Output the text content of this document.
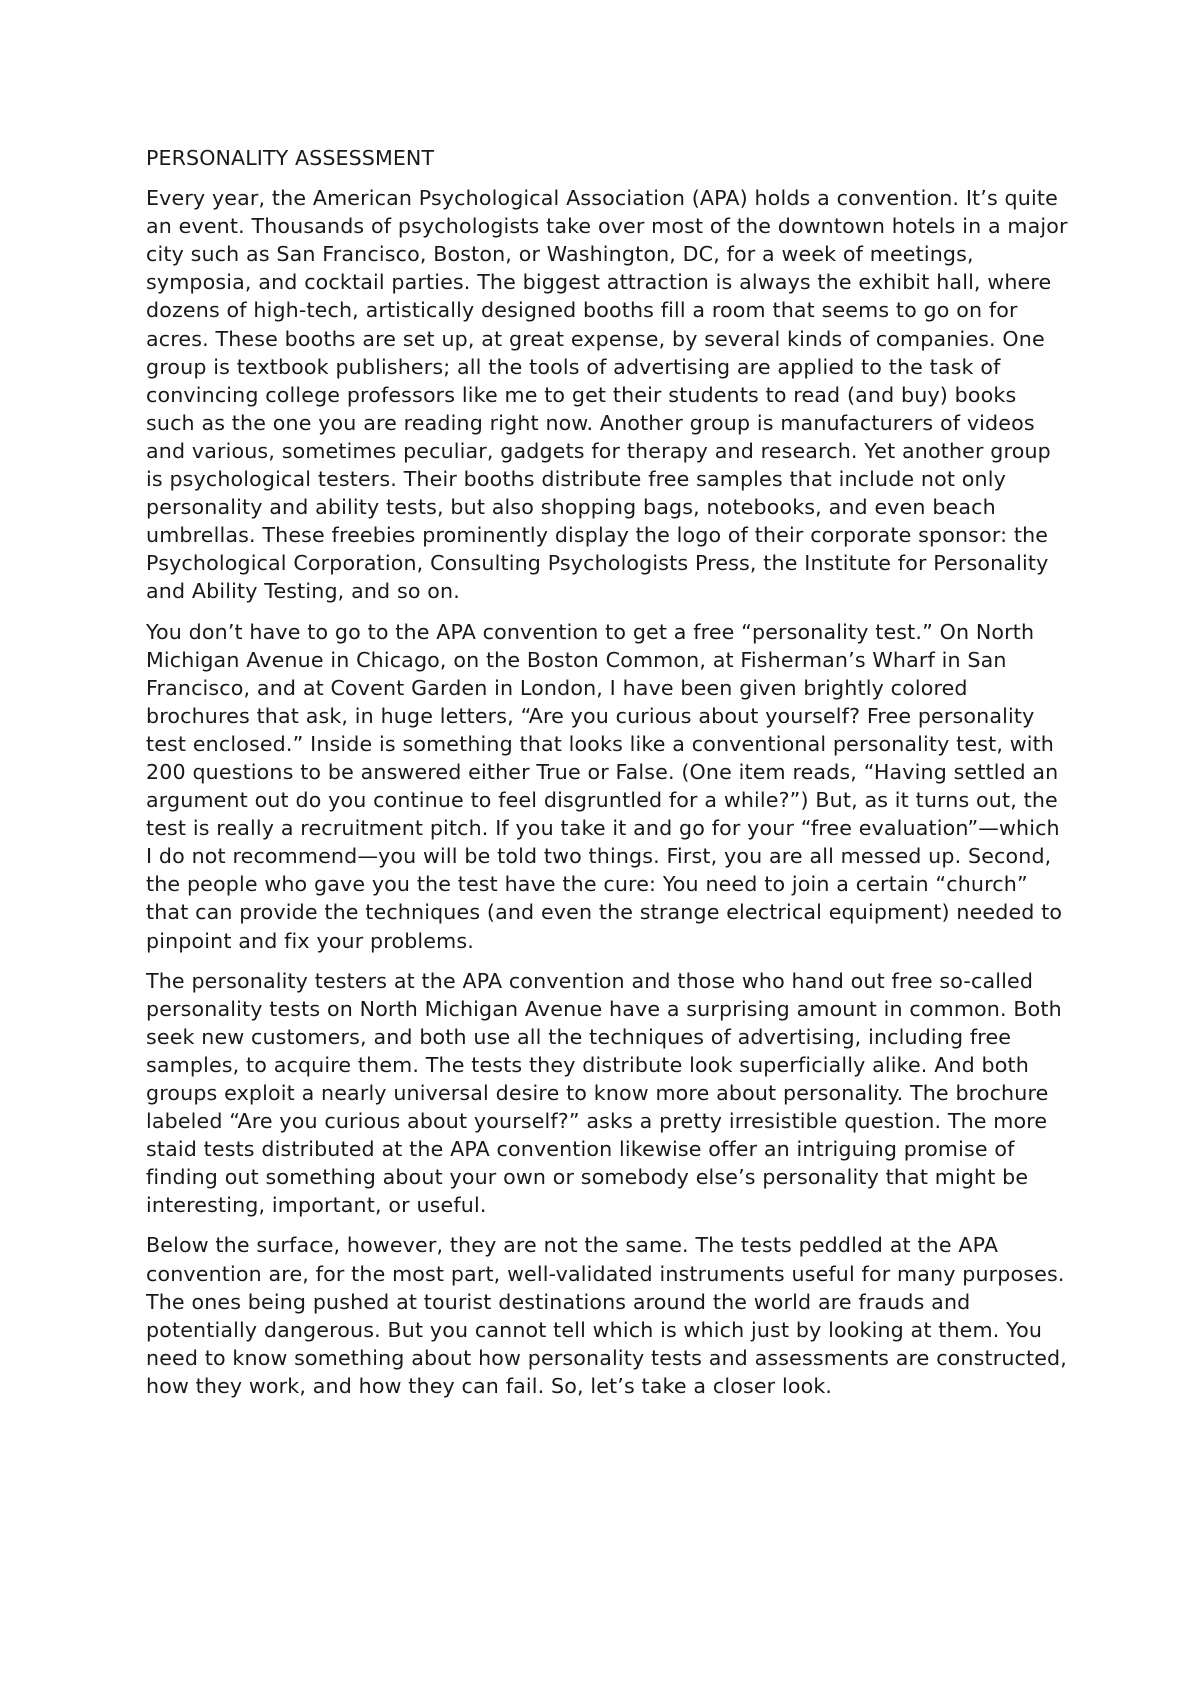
PERSONALITY ASSESSMENT

Every year, the American Psychological Association (APA) holds a convention. It’s quite an event. Thousands of psychologists take over most of the downtown hotels in a major city such as San Francisco, Boston, or Washington, DC, for a week of meetings, symposia, and cocktail parties. The biggest attraction is always the exhibit hall, where dozens of high-tech, artistically designed booths fill a room that seems to go on for acres. These booths are set up, at great expense, by several kinds of companies. One group is textbook publishers; all the tools of advertising are applied to the task of convincing college professors like me to get their students to read (and buy) books such as the one you are reading right now. Another group is manufacturers of videos and various, sometimes peculiar, gadgets for therapy and research. Yet another group is psychological testers. Their booths distribute free samples that include not only personality and ability tests, but also shopping bags, notebooks, and even beach umbrellas. These freebies prominently display the logo of their corporate sponsor: the Psychological Corporation, Consulting Psychologists Press, the Institute for Personality and Ability Testing, and so on.

You don’t have to go to the APA convention to get a free “personality test.” On North Michigan Avenue in Chicago, on the Boston Common, at Fisherman’s Wharf in San Francisco, and at Covent Garden in London, I have been given brightly colored brochures that ask, in huge letters, “Are you curious about yourself? Free personality test enclosed.” Inside is something that looks like a conventional personality test, with 200 questions to be answered either True or False. (One item reads, “Having settled an argument out do you continue to feel disgruntled for a while?”) But, as it turns out, the test is really a recruitment pitch. If you take it and go for your “free evaluation”—which I do not recommend—you will be told two things. First, you are all messed up. Second, the people who gave you the test have the cure: You need to join a certain “church” that can provide the techniques (and even the strange electrical equipment) needed to pinpoint and fix your problems.

The personality testers at the APA convention and those who hand out free so-called personality tests on North Michigan Avenue have a surprising amount in common. Both seek new customers, and both use all the techniques of advertising, including free samples, to acquire them. The tests they distribute look superficially alike. And both groups exploit a nearly universal desire to know more about personality. The brochure labeled “Are you curious about yourself?” asks a pretty irresistible question. The more staid tests distributed at the APA convention likewise offer an intriguing promise of finding out something about your own or somebody else’s personality that might be interesting, important, or useful.

Below the surface, however, they are not the same. The tests peddled at the APA convention are, for the most part, well-validated instruments useful for many purposes. The ones being pushed at tourist destinations around the world are frauds and potentially dangerous. But you cannot tell which is which just by looking at them. You need to know something about how personality tests and assessments are constructed, how they work, and how they can fail. So, let’s take a closer look.
